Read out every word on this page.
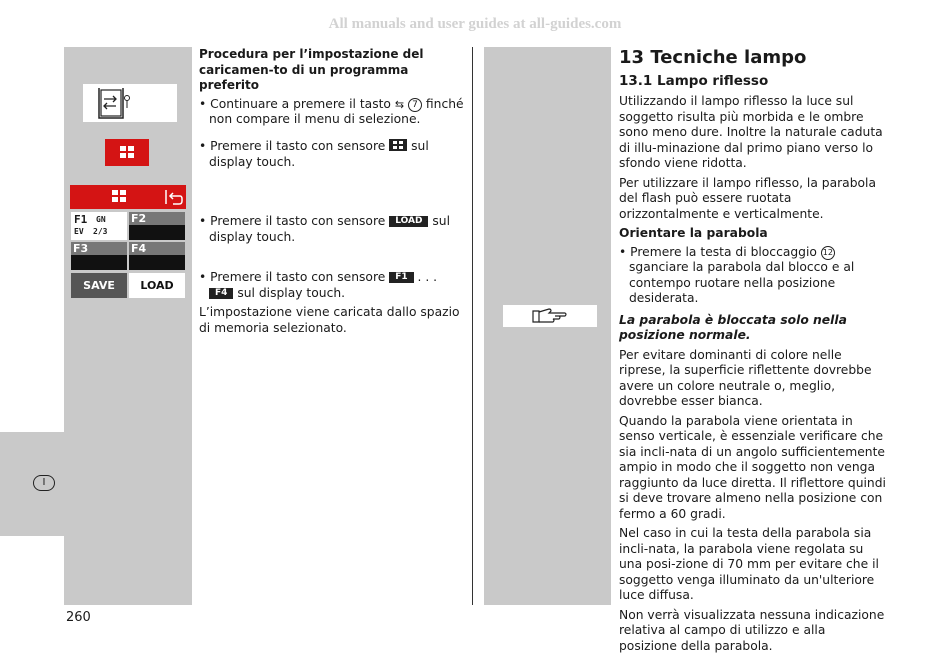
All manuals and user guides at all-guides.com
I
F1 GN
EV 2/3
F2
F3	F4
SAVE	LOAD

Procedura per l’impostazione del caricamen-to di un programma preferito

• Continuare a premere il tasto ⇆ 7 finché non compare il menu di selezione.

• Premere il tasto con sensore
sul display touch.

• Premere il tasto con sensore LOAD sul display touch.

• Premere il tasto con sensore F1 . . . F4 sul display touch.

L’impostazione viene caricata dallo spazio di memoria selezionato.

13 Tecniche lampo

13.1 Lampo riflesso

Utilizzando il lampo riflesso la luce sul soggetto risulta più morbida e le ombre sono meno dure. Inoltre la naturale caduta di illu-minazione dal primo piano verso lo sfondo viene ridotta.

Per utilizzare il lampo riflesso, la parabola del flash può essere ruotata orizzontalmente e verticalmente.

Orientare la parabola

• Premere la testa di bloccaggio 12 sganciare la parabola dal blocco e al contempo ruotare nella posizione desiderata.

La parabola è bloccata solo nella posizione normale.

Per evitare dominanti di colore nelle riprese, la superficie riflettente dovrebbe avere un colore neutrale o, meglio, dovrebbe esser bianca.

Quando la parabola viene orientata in senso verticale, è essenziale verificare che sia incli-nata di un angolo sufficientemente ampio in modo che il soggetto non venga raggiunto da luce diretta. Il riflettore quindi si deve trovare almeno nella posizione con fermo a 60 gradi.

Nel caso in cui la testa della parabola sia incli-nata, la parabola viene regolata su una posi-zione di 70 mm per evitare che il soggetto venga illuminato da un'ulteriore luce diffusa.

Non verrà visualizzata nessuna indicazione relativa al campo di utilizzo e alla posizione della parabola.

260
